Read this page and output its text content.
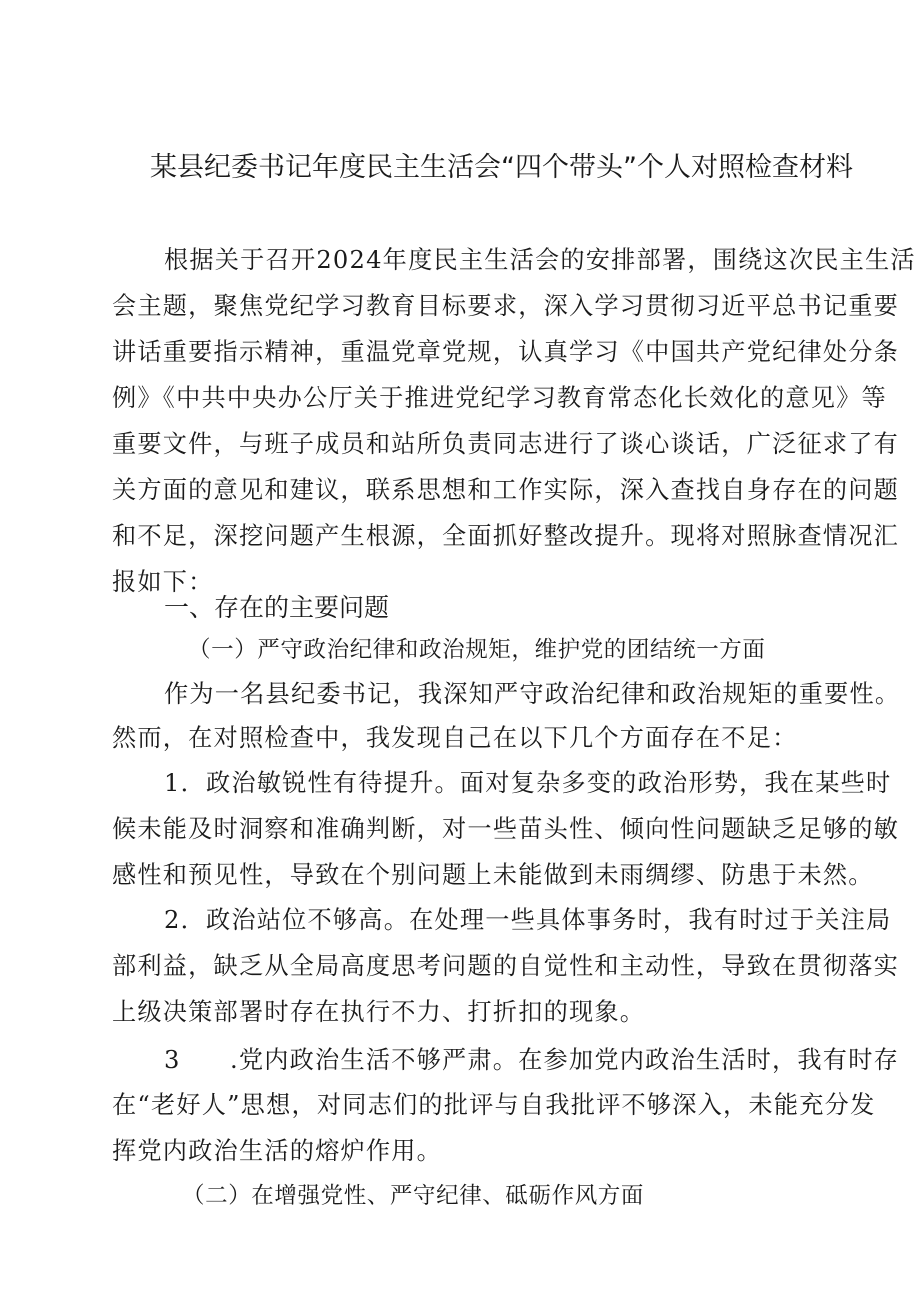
某县纪委书记年度民主生活会“四个带头”个人对照检查材料
根据关于召开2024年度民主生活会的安排部署，围绕这次民主生活
会主题，聚焦党纪学习教育目标要求，深入学习贯彻习近平总书记重要
讲话重要指示精神，重温党章党规，认真学习《中国共产党纪律处分条
例》《中共中央办公厅关于推进党纪学习教育常态化长效化的意见》等
重要文件，与班子成员和站所负责同志进行了谈心谈话，广泛征求了有
关方面的意见和建议，联系思想和工作实际，深入查找自身存在的问题
和不足，深挖问题产生根源，全面抓好整改提升。现将对照脉查情况汇
报如下：
一、存在的主要问题
（一）严守政治纪律和政治规矩，维护党的团结统一方面
作为一名县纪委书记，我深知严守政治纪律和政治规矩的重要性。
然而，在对照检查中，我发现自己在以下几个方面存在不足：
1．政治敏锐性有待提升。面对复杂多变的政治形势，我在某些时
候未能及时洞察和准确判断，对一些苗头性、倾向性问题缺乏足够的敏
感性和预见性，导致在个别问题上未能做到未雨绸缪、防患于未然。
2．政治站位不够高。在处理一些具体事务时，我有时过于关注局
部利益，缺乏从全局高度思考问题的自觉性和主动性，导致在贯彻落实
上级决策部署时存在执行不力、打折扣的现象。
3 .党内政治生活不够严肃。在参加党内政治生活时，我有时存
在“老好人”思想，对同志们的批评与自我批评不够深入，未能充分发
挥党内政治生活的熔炉作用。
（二）在增强党性、严守纪律、砥砺作风方面
